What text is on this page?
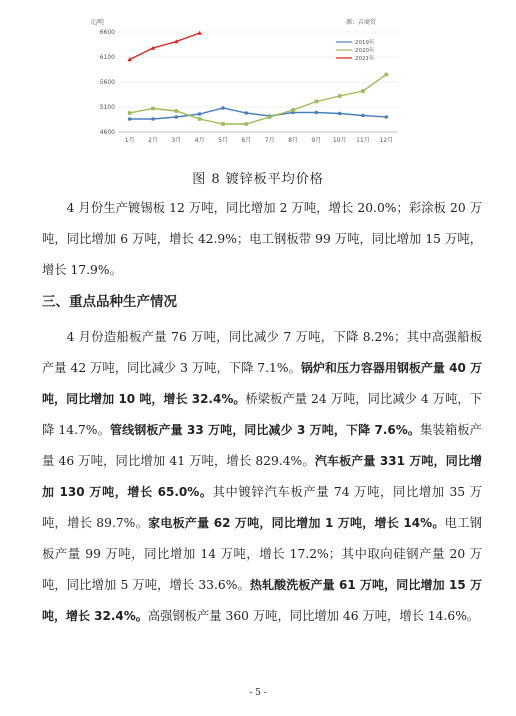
元/吨	源：吉商贸
4600
5100
5600
6100
6600
1月 2月 3月 4月 5月 6月 7月 8月 9月 10月 11月 12月
2019年
2020年
2021年
图 8 镀锌板平均价格

4 月份生产镀锡板 12 万吨，同比增加 2 万吨，增长 20.0%；彩涂板 20 万吨，同比增加 6 万吨，增长 42.9%；电工钢板带 99 万吨，同比增加 15 万吨，增长 17.9%。

三、重点品种生产情况

4 月份造船板产量 76 万吨，同比减少 7 万吨，下降 8.2%；其中高强船板产量 42 万吨，同比减少 3 万吨，下降 7.1%。锅炉和压力容器用钢板产量 40 万吨，同比增加 10 吨，增长 32.4%。桥梁板产量 24 万吨，同比减少 4 万吨，下降 14.7%。管线钢板产量 33 万吨，同比减少 3 万吨，下降 7.6%。集装箱板产量 46 万吨，同比增加 41 万吨，增长 829.4%。汽车板产量 331 万吨，同比增加 130 万吨，增长 65.0%。其中镀锌汽车板产量 74 万吨，同比增加 35 万吨，增长 89.7%。家电板产量 62 万吨，同比增加 1 万吨，增长 14%。电工钢板产量 99 万吨，同比增加 14 万吨，增长 17.2%；其中取向硅钢产量 20 万吨，同比增加 5 万吨，增长 33.6%。热轧酸洗板产量 61 万吨，同比增加 15 万吨，增长 32.4%。高强钢板产量 360 万吨，同比增加 46 万吨，增长 14.6%。

- 5 -
